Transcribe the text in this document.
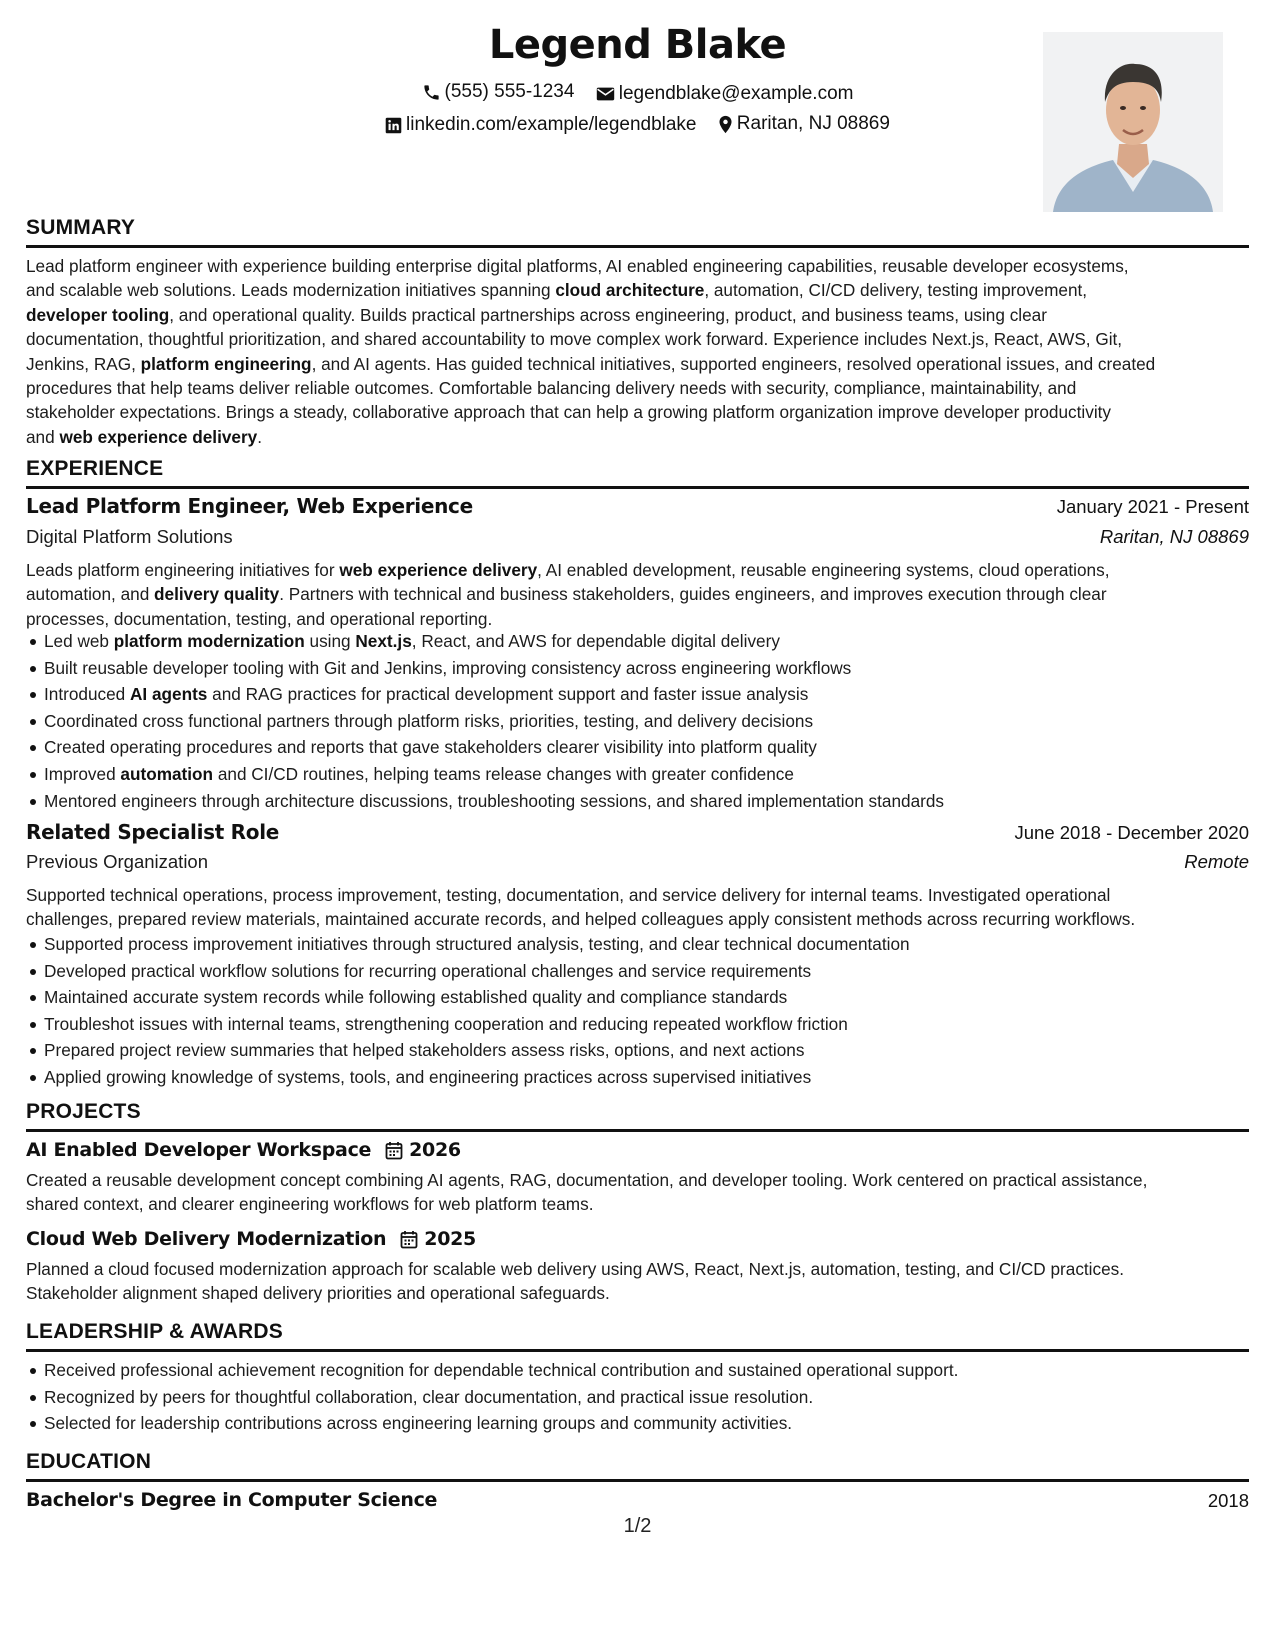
Legend Blake
(555) 555-1234
legendblake@example.com
linkedin.com/example/legendblake
Raritan, NJ 08869
SUMMARY
Lead platform engineer with experience building enterprise digital platforms, AI enabled engineering capabilities, reusable developer ecosystems,
and scalable web solutions. Leads modernization initiatives spanning cloud architecture, automation, CI/CD delivery, testing improvement,
developer tooling, and operational quality. Builds practical partnerships across engineering, product, and business teams, using clear
documentation, thoughtful prioritization, and shared accountability to move complex work forward. Experience includes Next.js, React, AWS, Git,
Jenkins, RAG, platform engineering, and AI agents. Has guided technical initiatives, supported engineers, resolved operational issues, and created
procedures that help teams deliver reliable outcomes. Comfortable balancing delivery needs with security, compliance, maintainability, and
stakeholder expectations. Brings a steady, collaborative approach that can help a growing platform organization improve developer productivity
and web experience delivery.
EXPERIENCE
Lead Platform Engineer, Web Experience	January 2021 - Present
Digital Platform Solutions	Raritan, NJ 08869
Leads platform engineering initiatives for web experience delivery, AI enabled development, reusable engineering systems, cloud operations,
automation, and delivery quality. Partners with technical and business stakeholders, guides engineers, and improves execution through clear
processes, documentation, testing, and operational reporting.
Led web platform modernization using Next.js, React, and AWS for dependable digital delivery
Built reusable developer tooling with Git and Jenkins, improving consistency across engineering workflows
Introduced AI agents and RAG practices for practical development support and faster issue analysis
Coordinated cross functional partners through platform risks, priorities, testing, and delivery decisions
Created operating procedures and reports that gave stakeholders clearer visibility into platform quality
Improved automation and CI/CD routines, helping teams release changes with greater confidence
Mentored engineers through architecture discussions, troubleshooting sessions, and shared implementation standards
Related Specialist Role	June 2018 - December 2020
Previous Organization	Remote
Supported technical operations, process improvement, testing, documentation, and service delivery for internal teams. Investigated operational
challenges, prepared review materials, maintained accurate records, and helped colleagues apply consistent methods across recurring workflows.
Supported process improvement initiatives through structured analysis, testing, and clear technical documentation
Developed practical workflow solutions for recurring operational challenges and service requirements
Maintained accurate system records while following established quality and compliance standards
Troubleshot issues with internal teams, strengthening cooperation and reducing repeated workflow friction
Prepared project review summaries that helped stakeholders assess risks, options, and next actions
Applied growing knowledge of systems, tools, and engineering practices across supervised initiatives
PROJECTS
AI Enabled Developer Workspace 2026
Created a reusable development concept combining AI agents, RAG, documentation, and developer tooling. Work centered on practical assistance,
shared context, and clearer engineering workflows for web platform teams.
Cloud Web Delivery Modernization 2025
Planned a cloud focused modernization approach for scalable web delivery using AWS, React, Next.js, automation, testing, and CI/CD practices.
Stakeholder alignment shaped delivery priorities and operational safeguards.
LEADERSHIP & AWARDS
Received professional achievement recognition for dependable technical contribution and sustained operational support.
Recognized by peers for thoughtful collaboration, clear documentation, and practical issue resolution.
Selected for leadership contributions across engineering learning groups and community activities.
EDUCATION
Bachelor's Degree in Computer Science	2018
1/2
